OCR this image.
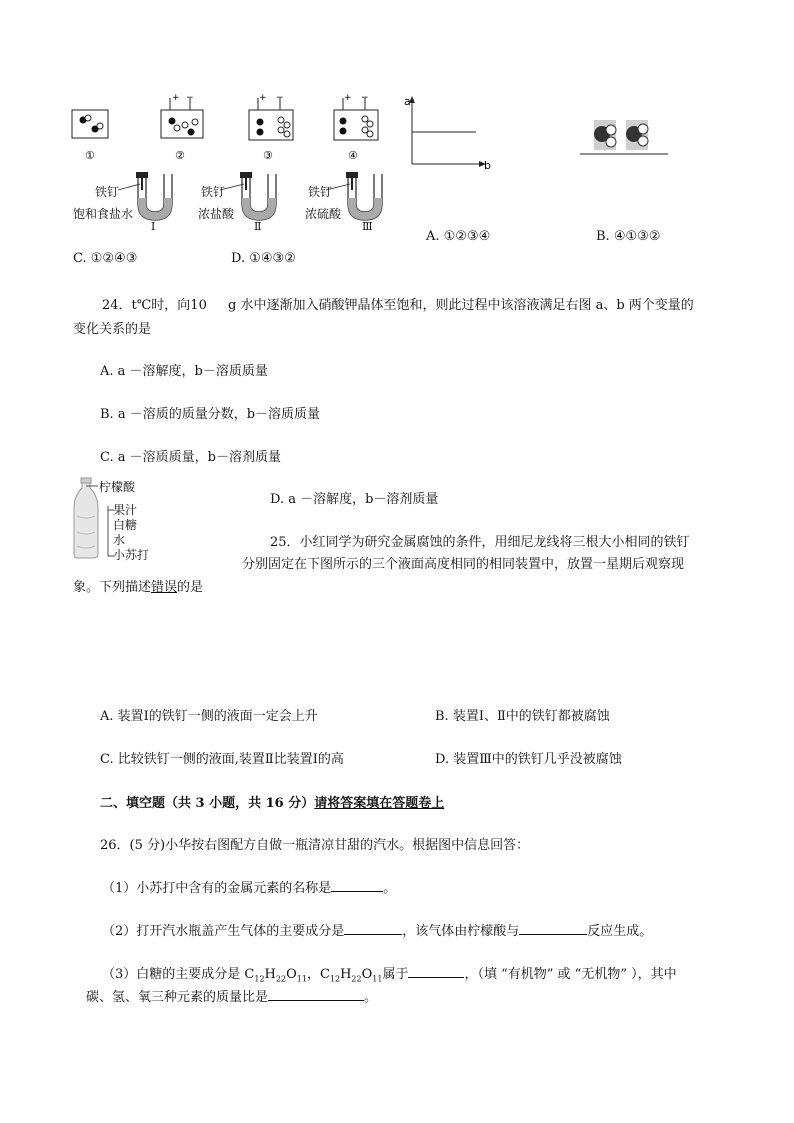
+ −	+ −	+ −
①	②	③	④
a
b
铁钉
饱和食盐水
Ⅰ
铁钉
浓盐酸
Ⅱ
铁钉
浓硫酸
Ⅲ
A. ①②③④	B. ④①③②
C. ①②④③	D. ①④③②
24．t℃时，向10 g 水中逐渐加入硝酸钾晶体至饱和，则此过程中该溶液满足右图 a、b 两个变量的
变化关系的是
A. a －溶解度，b－溶质质量
B. a －溶质的质量分数，b－溶质质量
C. a －溶质质量，b－溶剂质量
D. a －溶解度，b－溶剂质量
柠檬酸
果汁
白糖
水
小苏打
25．小红同学为研究金属腐蚀的条件，用细尼龙线将三根大小相同的铁钉
分别固定在下图所示的三个液面高度相同的相同装置中，放置一星期后观察现
象。下列描述错误的是
A. 装置Ⅰ的铁钉一侧的液面一定会上升	B. 装置Ⅰ、Ⅱ中的铁钉都被腐蚀
C. 比较铁钉一侧的液面,装置Ⅱ比装置Ⅰ的高	D. 装置Ⅲ中的铁钉几乎没被腐蚀
二、填空题（共 3 小题，共 16 分）请将答案填在答题卷上
26．(5 分)小华按右图配方自做一瓶清凉甘甜的汽水。根据图中信息回答：
（1）小苏打中含有的金属元素的名称是	。
（2）打开汽水瓶盖产生气体的主要成分是	，该气体由柠檬酸与	反应生成。
（3）白糖的主要成分是 $C_{12}H_{22}O_{11}$，$C_{12}H_{22}O_{11}$属于	，（填 “有机物” 或 “无机物” ），其中
碳、氢、氧三种元素的质量比是	。
